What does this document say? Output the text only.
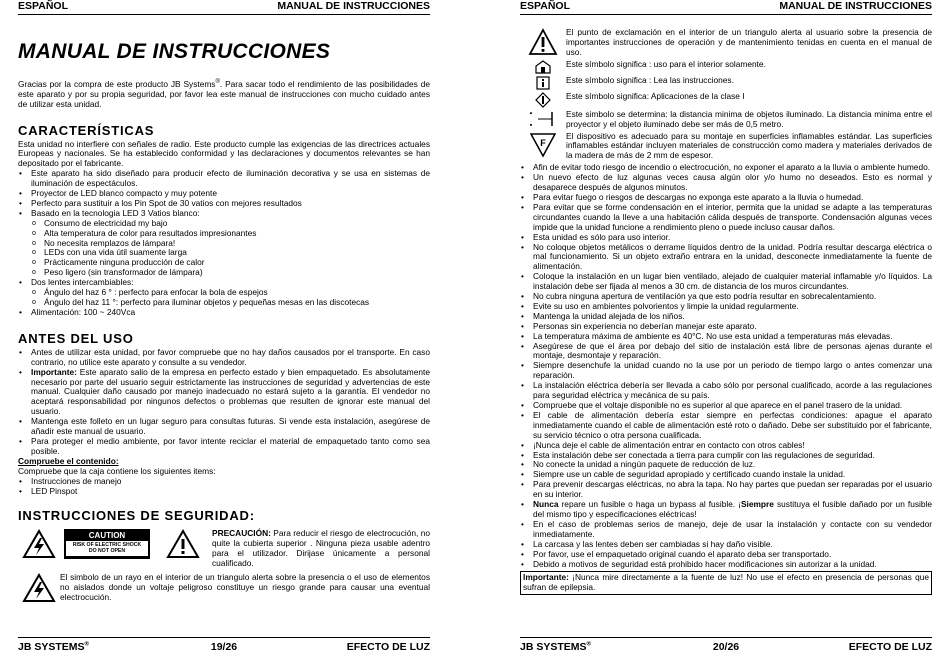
ESPAÑOL	MANUAL DE INSTRUCCIONES
MANUAL DE INSTRUCCIONES

Gracias por la compra de este producto JB Systems®. Para sacar todo el rendimiento de las posibilidades de este aparato y por su propia seguridad, por favor lea este manual de instrucciones con mucho cuidado antes de utilizar esta unidad.

CARACTERÍSTICAS

Esta unidad no interfiere con señales de radio. Este producto cumple las exigencias de las directrices actuales Europeas y nacionales. Se ha establecido conformidad y las declaraciones y documentos relevantes se han depositado por el fabricante.

• Este aparato ha sido diseñado para producir efecto de iluminación decorativa y se usa en sistemas de iluminación de espectáculos.
• Proyector de LED blanco compacto y muy potente
• Perfecto para sustituir a los Pin Spot de 30 vatios con mejores resultados
• Basado en la tecnologia LED 3 Vatios blanco:
o Consumo de electricidad my bajo
o Alta temperatura de color para resultados impresionantes
o No necesita remplazos de lámpara!
o LEDs con una vida útil suamente larga
o Prácticamente ninguna producción de calor
o Peso ligero (sin transformador de lámpara)
• Dos lentes intercambiables:
o Ángulo del haz 6 ° : perfecto para enfocar la bola de espejos
o Ángulo del haz 11 °: perfecto para iluminar objetos y pequeñas mesas en las discotecas
• Alimentación: 100 ~ 240Vca
ANTES DEL USO
• Antes de utilizar esta unidad, por favor compruebe que no hay daños causados por el transporte. En caso contrario, no utilice este aparato y consulte a su vendedor.
• Importante: Este aparato salio de la empresa en perfecto estado y bien empaquetado. Es absolutamente necesario por parte del usuario seguir estrictamente las instrucciones de seguridad y advertencias de este manual. Cualquier daño causado por manejo inadecuado no estará sujeto a la garantía. El vendedor no aceptará responsabilidad por ningunos defectos o problemas que resulten de ignorar este manual del usuario.
• Mantenga este folleto en un lugar seguro para consultas futuras. Si vende esta instalación, asegúrese de añadir este manual de usuario.
• Para proteger el medio ambiente, por favor intente reciclar el material de empaquetado tanto como sea posible.
Compruebe el contenido:

Compruebe que la caja contiene los siguientes items:

• Instrucciones de manejo
• LED Pinspot
INSTRUCCIONES DE SEGURIDAD:
CAUTION
RISK OF ELECTRIC SHOCK
DO NOT OPEN

PRECAUCIÓN: Para reducir el riesgo de electrocución, no quite la cubierta superior . Ninguna pieza usable adentro para el utilizador. Dirijase únicamente a personal cualificado.

El simbolo de un rayo en el interior de un triangulo alerta sobre la presencia o el uso de elementos no aislados donde un voltaje peligroso constituye un riesgo grande para causar una eventual electrocución.

JB SYSTEMS®	19/26	EFECTO DE LUZ
ESPAÑOL	MANUAL DE INSTRUCCIONES

El punto de exclamación en el interior de un triangulo alerta al usuario sobre la presencia de importantes instrucciones de operación y de mantenimiento tenidas en cuenta en el manual de uso.

Este símbolo significa : uso para el interior solamente.

Este símbolo significa : Lea las instrucciones.

Este símbolo significa: Aplicaciones de la clase I

Este simbolo se determina: la distancia minima de objetos iluminado. La distancia minima entre el proyector y el objeto iluminado debe ser más de 0,5 metro.

F

El dispositivo es adecuado para su montaje en superficies inflamables estándar. Las superficies inflamables estándar incluyen materiales de construcción como madera y materiales derivados de la madera de más de 2 mm de espesor.

• Afin de evitar todo riesgo de incendio o electrocución, no exponer el aparato a la lluvia o ambiente humedo.
• Un nuevo efecto de luz algunas veces causa algún olor y/o humo no deseados. Esto es normal y desaparece después de algunos minutos.
• Para evitar fuego o riesgos de descargas no exponga este aparato a la lluvia o humedad.
• Para evitar que se forme condensación en el interior, permita que la unidad se adapte a las temperaturas circundantes cuando la lleve a una habitación cálida después de transporte. Condensación algunas veces impide que la unidad funcione a rendimiento pleno o puede incluso causar daños.
• Esta unidad es sólo para uso interior.
• No coloque objetos metálicos o derrame líquidos dentro de la unidad. Podría resultar descarga eléctrica o mal funcionamiento. Si un objeto extraño entrara en la unidad, desconecte inmediatamente la fuente de alimentación.
• Coloque la instalación en un lugar bien ventilado, alejado de cualquier material inflamable y/o líquidos. La instalación debe ser fijada al menos a 30 cm. de distancia de los muros circundantes.
• No cubra ninguna apertura de ventilación ya que esto podría resultar en sobrecalentamiento.
• Evite su uso en ambientes polvorientos y limpie la unidad regularmente.
• Mantenga la unidad alejada de los niños.
• Personas sin experiencia no deberían manejar este aparato.
• La temperatura máxima de ambiente es 40°C. No use esta unidad a temperaturas más elevadas.
• Asegúrese de que el área por debajo del sitio de instalación está libre de personas ajenas durante el montaje, desmontaje y reparación.
• Siempre desenchufe la unidad cuando no la use por un periodo de tiempo largo o antes comenzar una reparación.
• La instalación eléctrica debería ser llevada a cabo sólo por personal cualificado, acorde a las regulaciones para seguridad eléctrica y mecánica de su país.
• Compruebe que el voltaje disponible no es superior al que aparece en el panel trasero de la unidad.
• El cable de alimentación debería estar siempre en perfectas condiciones: apague el aparato inmediatamente cuando el cable de alimentación esté roto o dañado. Debe ser substituido por el fabricante, su servicio técnico o otra persona cualificada.
• ¡Nunca deje el cable de alimentación entrar en contacto con otros cables!
• Esta instalación debe ser conectada a tierra para cumplir con las regulaciones de seguridad.
• No conecte la unidad a ningún paquete de reducción de luz.
• Siempre use un cable de seguridad apropiado y certificado cuando instale la unidad.
• Para prevenir descargas eléctricas, no abra la tapa. No hay partes que puedan ser reparadas por el usuario en su interior.
• Nunca repare un fusible o haga un bypass al fusible. ¡Siempre sustituya el fusible dañado por un fusible del mismo tipo y especificaciones eléctricas!
• En el caso de problemas serios de manejo, deje de usar la instalación y contacte con su vendedor inmediatamente.
• La carcasa y las lentes deben ser cambiadas si hay daño visible.
• Por favor, use el empaquetado original cuando el aparato deba ser transportado.
• Debido a motivos de seguridad está prohibido hacer modificaciones sin autorizar a la unidad.

Importante: ¡Nunca mire directamente a la fuente de luz! No use el efecto en presencia de personas que sufran de epilepsia.

JB SYSTEMS®	20/26	EFECTO DE LUZ
